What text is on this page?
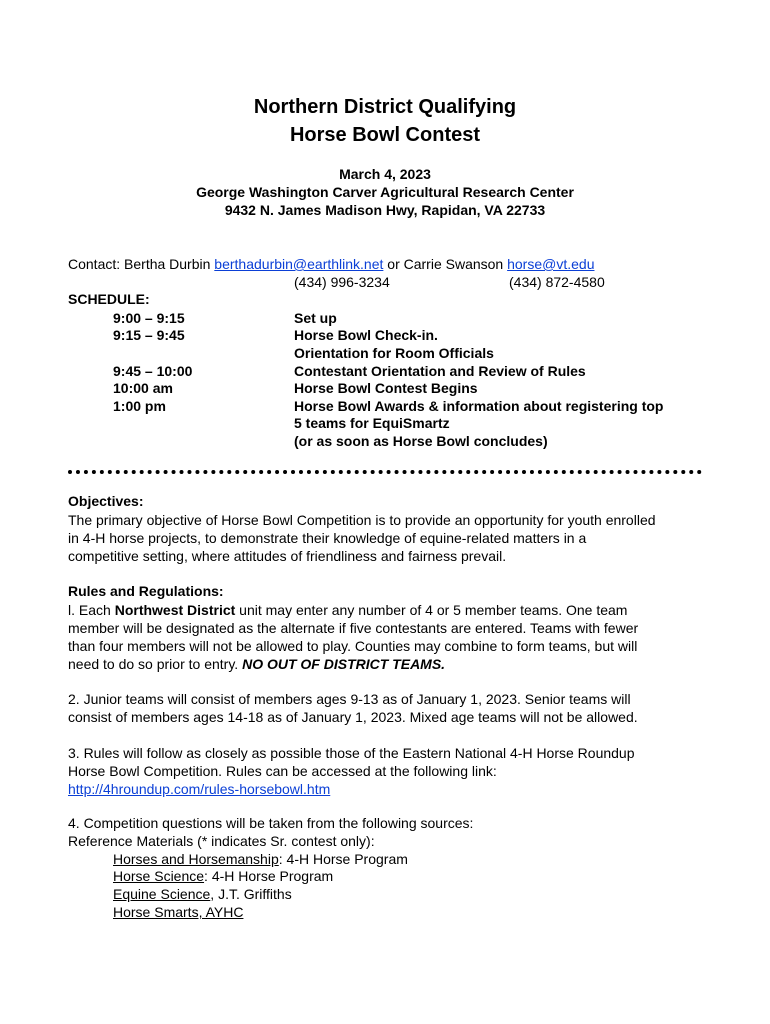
Northern District Qualifying
Horse Bowl Contest
March 4, 2023
George Washington Carver Agricultural Research Center
9432 N. James Madison Hwy, Rapidan, VA 22733
Contact: Bertha Durbin berthadurbin@earthlink.net or Carrie Swanson horse@vt.edu
(434) 996-3234	(434) 872-4580
SCHEDULE:
9:00 – 9:15	Set up
9:15 – 9:45	Horse Bowl Check-in.
Orientation for Room Officials
9:45 – 10:00	Contestant Orientation and Review of Rules
10:00 am	Horse Bowl Contest Begins
1:00 pm	Horse Bowl Awards & information about registering top
5 teams for EquiSmartz
(or as soon as Horse Bowl concludes)
Objectives:
The primary objective of Horse Bowl Competition is to provide an opportunity for youth enrolled
in 4-H horse projects, to demonstrate their knowledge of equine-related matters in a
competitive setting, where attitudes of friendliness and fairness prevail.
Rules and Regulations:
l. Each Northwest District unit may enter any number of 4 or 5 member teams. One team
member will be designated as the alternate if five contestants are entered. Teams with fewer
than four members will not be allowed to play. Counties may combine to form teams, but will
need to do so prior to entry. NO OUT OF DISTRICT TEAMS.
2. Junior teams will consist of members ages 9-13 as of January 1, 2023. Senior teams will
consist of members ages 14-18 as of January 1, 2023. Mixed age teams will not be allowed.
3. Rules will follow as closely as possible those of the Eastern National 4-H Horse Roundup
Horse Bowl Competition. Rules can be accessed at the following link:
http://4hroundup.com/rules-horsebowl.htm
4. Competition questions will be taken from the following sources:
Reference Materials (* indicates Sr. contest only):
Horses and Horsemanship: 4-H Horse Program
Horse Science: 4-H Horse Program
Equine Science, J.T. Griffiths
Horse Smarts, AYHC
